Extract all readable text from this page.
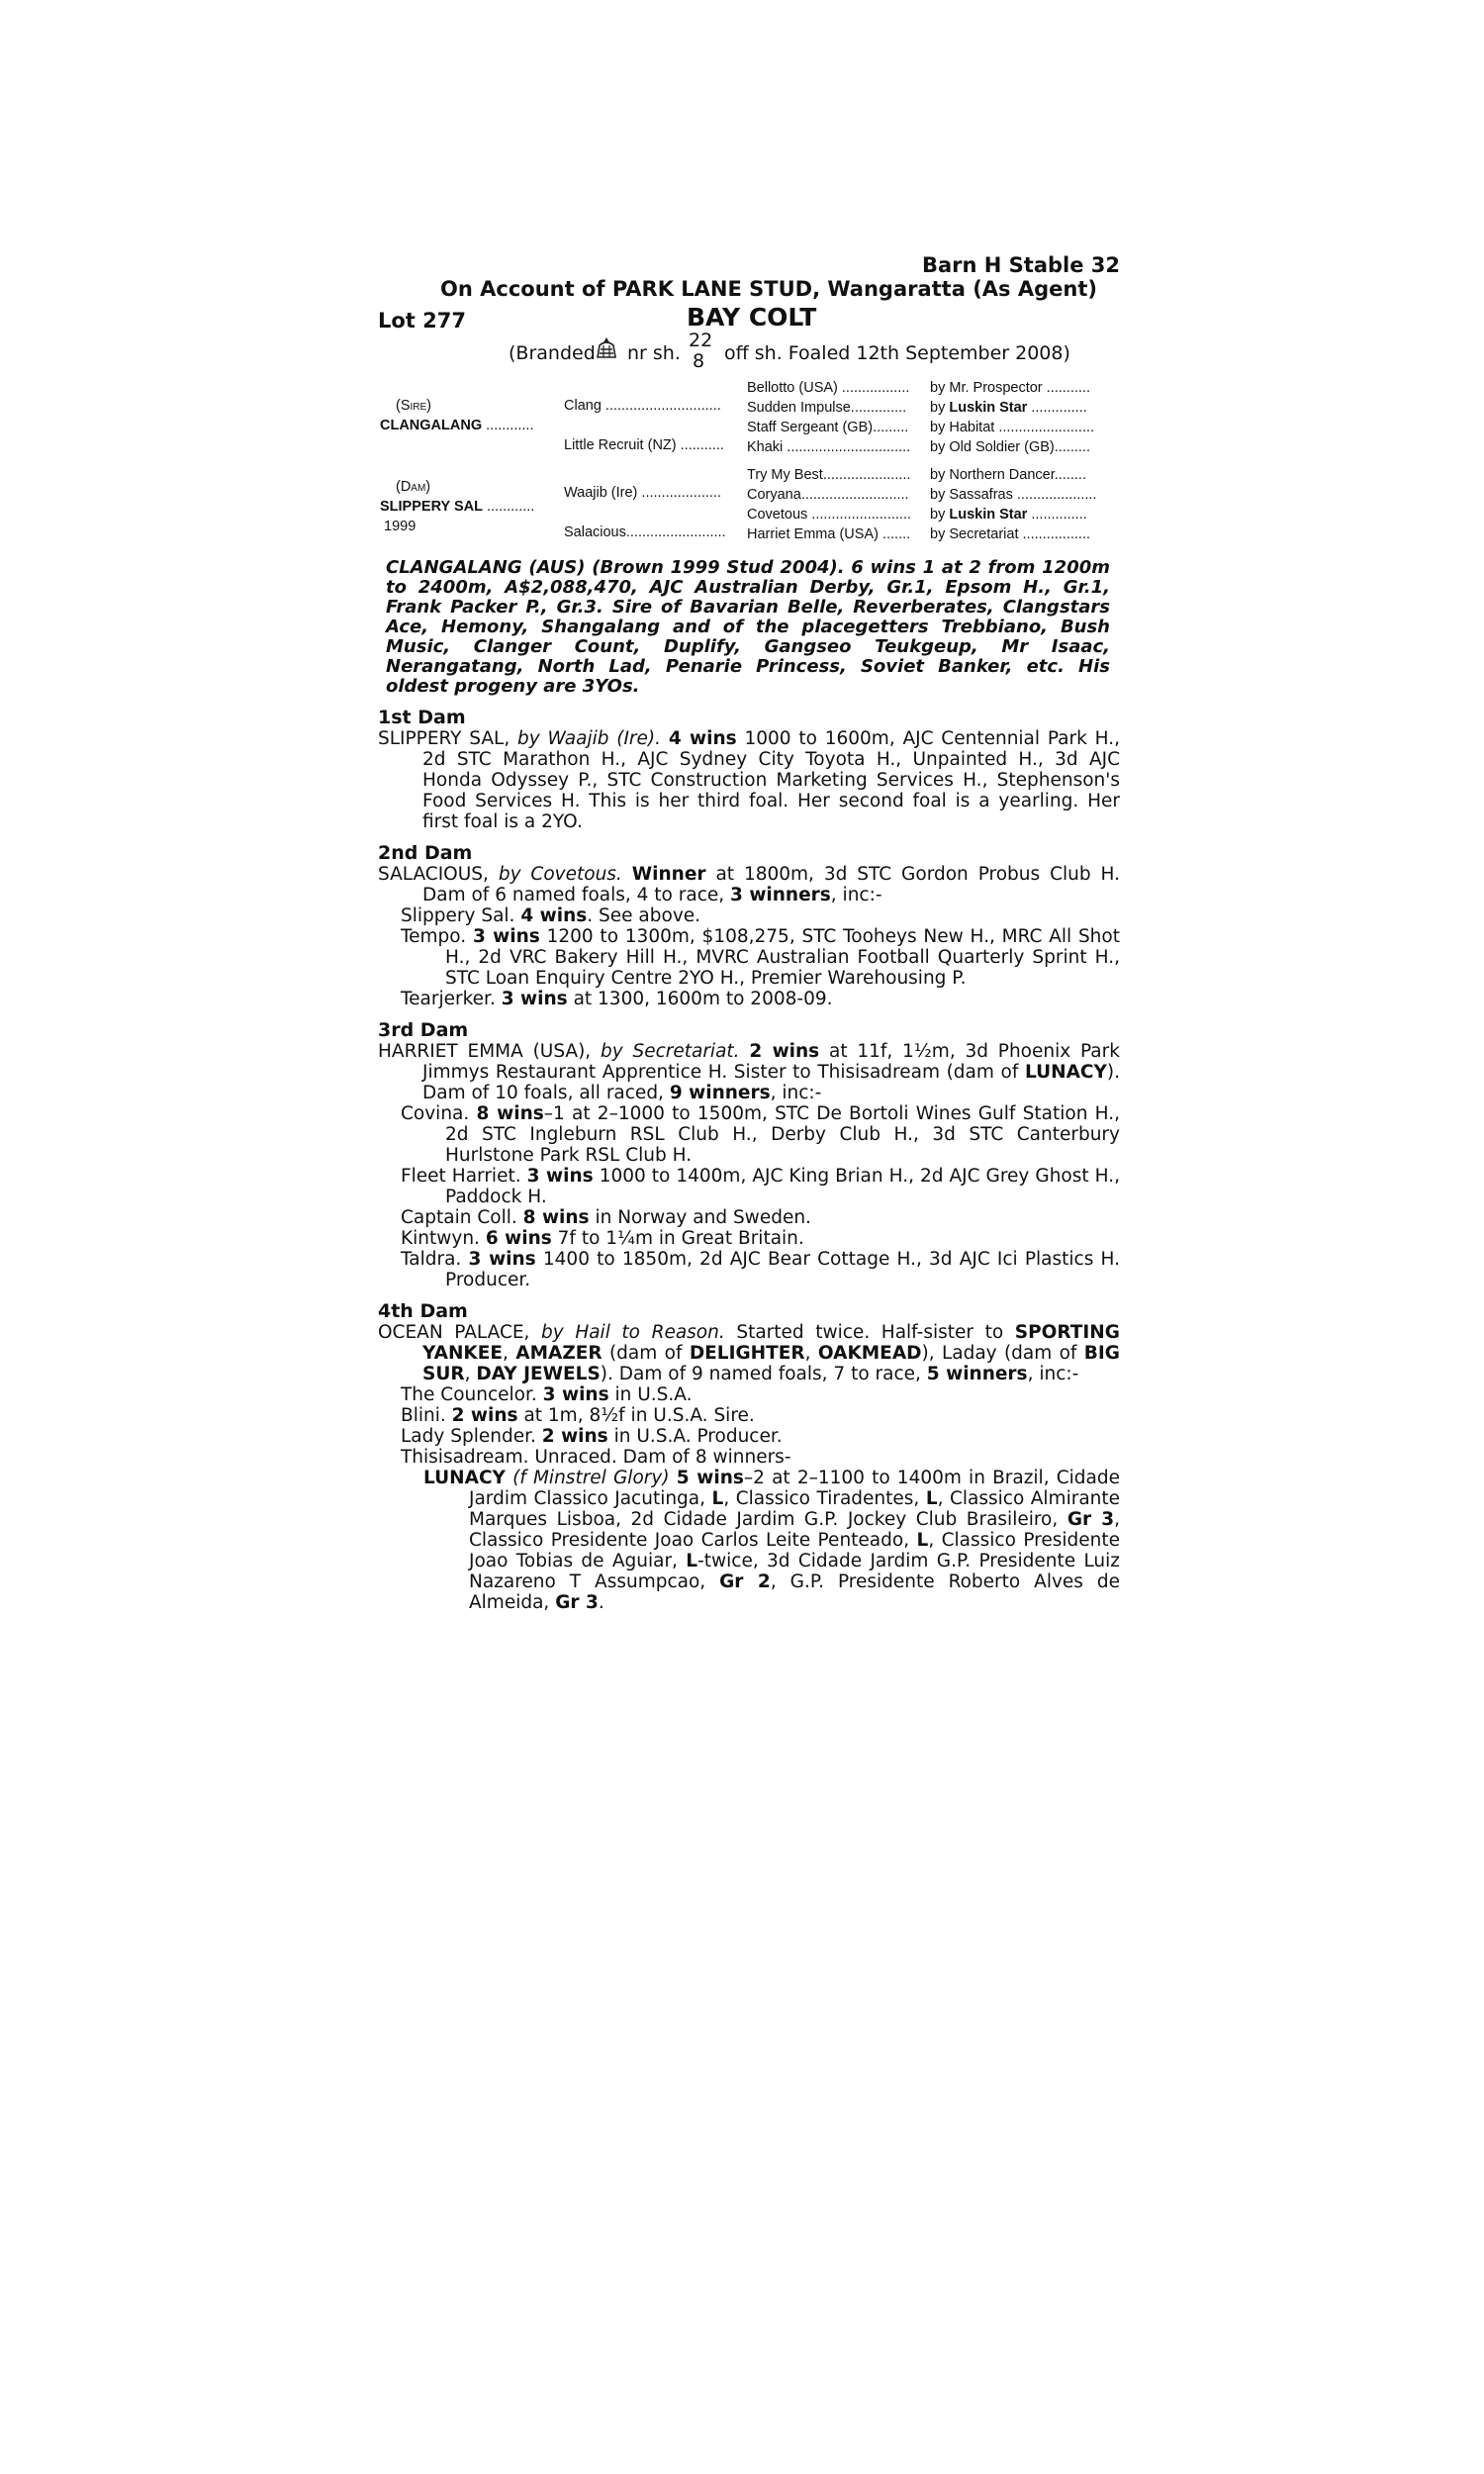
Barn H Stable 32
On Account of PARK LANE STUD, Wangaratta (As Agent)
Lot 277	BAY COLT
(Branded nr sh.
22
8 off sh. Foaled 12th September 2008)
(Sire)
CLANGALANG ............
(Dam)
SLIPPERY SAL ............
1999
Clang .............................
Little Recruit (NZ) ...........
Waajib (Ire) ....................
Salacious.........................
Bellotto (USA) .................
Sudden Impulse..............
Staff Sergeant (GB).........
Khaki ...............................
Try My Best......................
Coryana...........................
Covetous .........................
Harriet Emma (USA) .......
by Mr. Prospector ...........
by Luskin Star ..............
by Habitat ........................
by Old Soldier (GB).........
by Northern Dancer........
by Sassafras ....................
by Luskin Star ..............
by Secretariat .................
CLANGALANG (AUS) (Brown 1999 Stud 2004). 6 wins 1 at 2 from 1200m to 2400m, A$2,088,470, AJC Australian Derby, Gr.1, Epsom H., Gr.1, Frank Packer P., Gr.3. Sire of Bavarian Belle, Reverberates, Clangstars Ace, Hemony, Shangalang and of the placegetters Trebbiano, Bush Music, Clanger Count, Duplify, Gangseo Teukgeup, Mr Isaac, Nerangatang, North Lad, Penarie Princess, Soviet Banker, etc. His oldest progeny are 3YOs.
1st Dam
SLIPPERY SAL, by Waajib (Ire). 4 wins 1000 to 1600m, AJC Centennial Park H., 2d STC Marathon H., AJC Sydney City Toyota H., Unpainted H., 3d AJC Honda Odyssey P., STC Construction Marketing Services H., Stephenson's Food Services H. This is her third foal. Her second foal is a yearling. Her first foal is a 2YO.
2nd Dam
SALACIOUS, by Covetous. Winner at 1800m, 3d STC Gordon Probus Club H. Dam of 6 named foals, 4 to race, 3 winners, inc:-
Slippery Sal. 4 wins. See above.
Tempo. 3 wins 1200 to 1300m, $108,275, STC Tooheys New H., MRC All Shot H., 2d VRC Bakery Hill H., MVRC Australian Football Quarterly Sprint H., STC Loan Enquiry Centre 2YO H., Premier Warehousing P.
Tearjerker. 3 wins at 1300, 1600m to 2008-09.
3rd Dam
HARRIET EMMA (USA), by Secretariat. 2 wins at 11f, 1½m, 3d Phoenix Park Jimmys Restaurant Apprentice H. Sister to Thisisadream (dam of LUNACY). Dam of 10 foals, all raced, 9 winners, inc:-
Covina. 8 wins–1 at 2–1000 to 1500m, STC De Bortoli Wines Gulf Station H., 2d STC Ingleburn RSL Club H., Derby Club H., 3d STC Canterbury Hurlstone Park RSL Club H.
Fleet Harriet. 3 wins 1000 to 1400m, AJC King Brian H., 2d AJC Grey Ghost H., Paddock H.
Captain Coll. 8 wins in Norway and Sweden.
Kintwyn. 6 wins 7f to 1¼m in Great Britain.
Taldra. 3 wins 1400 to 1850m, 2d AJC Bear Cottage H., 3d AJC Ici Plastics H. Producer.
4th Dam
OCEAN PALACE, by Hail to Reason. Started twice. Half-sister to SPORTING YANKEE, AMAZER (dam of DELIGHTER, OAKMEAD), Laday (dam of BIG SUR, DAY JEWELS). Dam of 9 named foals, 7 to race, 5 winners, inc:-
The Councelor. 3 wins in U.S.A.
Blini. 2 wins at 1m, 8½f in U.S.A. Sire.
Lady Splender. 2 wins in U.S.A. Producer.
Thisisadream. Unraced. Dam of 8 winners-
LUNACY (f Minstrel Glory) 5 wins–2 at 2–1100 to 1400m in Brazil, Cidade Jardim Classico Jacutinga, L, Classico Tiradentes, L, Classico Almirante Marques Lisboa, 2d Cidade Jardim G.P. Jockey Club Brasileiro, Gr 3, Classico Presidente Joao Carlos Leite Penteado, L, Classico Presidente Joao Tobias de Aguiar, L-twice, 3d Cidade Jardim G.P. Presidente Luiz Nazareno T Assumpcao, Gr 2, G.P. Presidente Roberto Alves de Almeida, Gr 3.
